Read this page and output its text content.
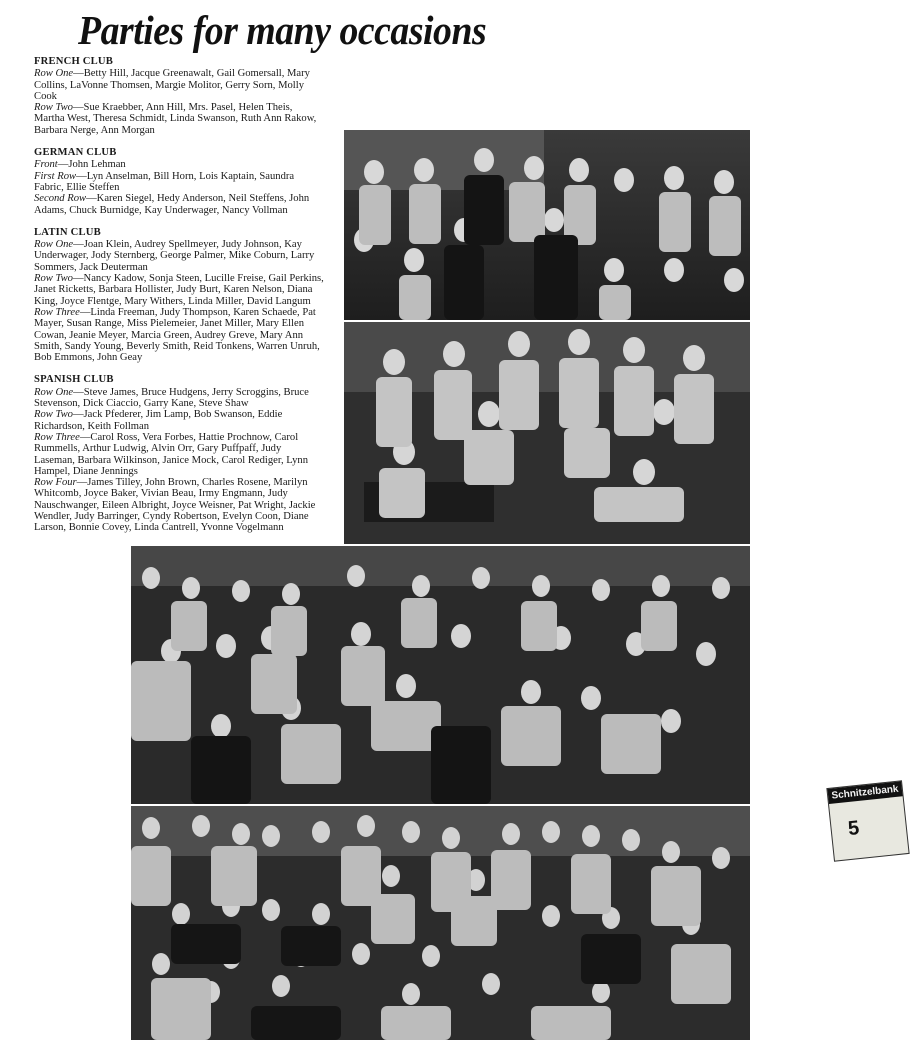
Parties for many occasions
FRENCH CLUB

Row One—Betty Hill, Jacque Greenawalt, Gail Gomersall, Mary Collins, LaVonne Thomsen, Margie Molitor, Gerry Sorn, Molly Cook

Row Two—Sue Kraebber, Ann Hill, Mrs. Pasel, Helen Theis, Martha West, Theresa Schmidt, Linda Swanson, Ruth Ann Rakow, Barbara Nerge, Ann Morgan

GERMAN CLUB

Front—John Lehman

First Row—Lyn Anselman, Bill Horn, Lois Kaptain, Saundra Fabric, Ellie Steffen

Second Row—Karen Siegel, Hedy Anderson, Neil Steffens, John Adams, Chuck Burnidge, Kay Underwager, Nancy Vollman

LATIN CLUB

Row One—Joan Klein, Audrey Spellmeyer, Judy Johnson, Kay Underwager, Jody Sternberg, George Palmer, Mike Coburn, Larry Sommers, Jack Deuterman

Row Two—Nancy Kadow, Sonja Steen, Lucille Freise, Gail Perkins, Janet Ricketts, Barbara Hollister, Judy Burt, Karen Nelson, Diana King, Joyce Flentge, Mary Withers, Linda Miller, David Langum

Row Three—Linda Freeman, Judy Thompson, Karen Schaede, Pat Mayer, Susan Range, Miss Pielemeier, Janet Miller, Mary Ellen Cowan, Jeanie Meyer, Marcia Green, Audrey Greve, Mary Ann Smith, Sandy Young, Beverly Smith, Reid Tonkens, Warren Unruh, Bob Emmons, John Geay

SPANISH CLUB

Row One—Steve James, Bruce Hudgens, Jerry Scroggins, Bruce Stevenson, Dick Ciaccio, Garry Kane, Steve Shaw

Row Two—Jack Pfederer, Jim Lamp, Bob Swanson, Eddie Richardson, Keith Follman

Row Three—Carol Ross, Vera Forbes, Hattie Prochnow, Carol Rummells, Arthur Ludwig, Alvin Orr, Gary Puffpaff, Judy Laseman, Barbara Wilkinson, Janice Mock, Carol Rediger, Lynn Hampel, Diane Jennings

Row Four—James Tilley, John Brown, Charles Rosene, Marilyn Whitcomb, Joyce Baker, Vivian Beau, Irmy Engmann, Judy Nauschwanger, Eileen Albright, Joyce Weisner, Pat Wright, Jackie Wendler, Judy Barringer, Cyndy Robertson, Evelyn Coon, Diane Larson, Bonnie Covey, Linda Cantrell, Yvonne Vogelmann

Schnitzelbank
5
